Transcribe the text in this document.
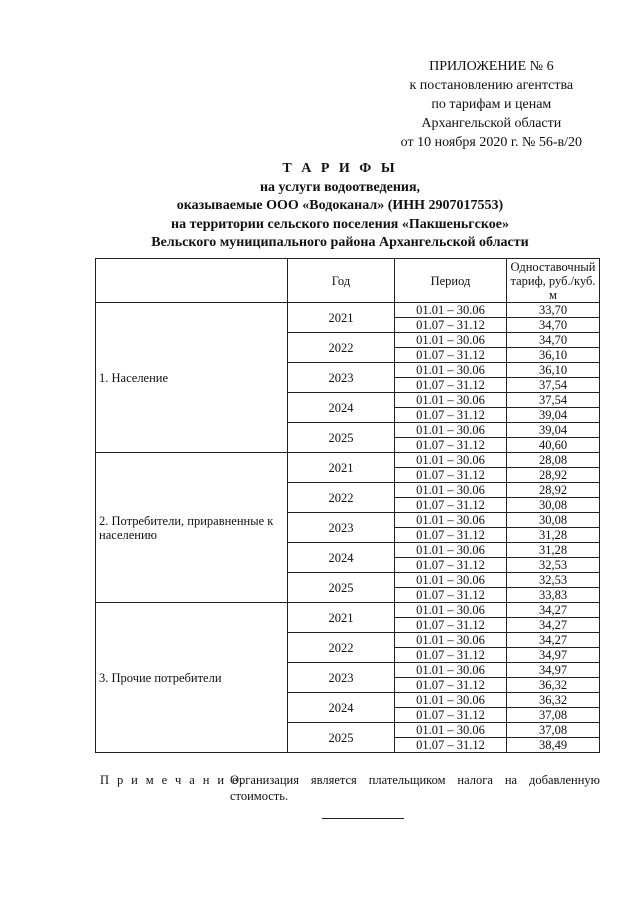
ПРИЛОЖЕНИЕ № 6
к постановлению агентства
по тарифам и ценам
Архангельской области
от 10 ноября 2020 г. № 56-в/20
Т А Р И Ф Ы
на услуги водоотведения,
оказываемые ООО «Водоканал» (ИНН 2907017553)
на территории сельского поселения «Пакшеньгское»
Вельского муниципального района Архангельской области
	Год	Период	Одноставочный тариф, руб./куб. м
1. Население	2021	01.01 – 30.06	33,70
		01.07 – 31.12	34,70
	2022	01.01 – 30.06	34,70
		01.07 – 31.12	36,10
	2023	01.01 – 30.06	36,10
		01.07 – 31.12	37,54
	2024	01.01 – 30.06	37,54
		01.07 – 31.12	39,04
	2025	01.01 – 30.06	39,04
		01.07 – 31.12	40,60
2. Потребители, приравненные к населению	2021	01.01 – 30.06	28,08
		01.07 – 31.12	28,92
	2022	01.01 – 30.06	28,92
		01.07 – 31.12	30,08
	2023	01.01 – 30.06	30,08
		01.07 – 31.12	31,28
	2024	01.01 – 30.06	31,28
		01.07 – 31.12	32,53
	2025	01.01 – 30.06	32,53
		01.07 – 31.12	33,83
3. Прочие потребители	2021	01.01 – 30.06	34,27
		01.07 – 31.12	34,27
	2022	01.01 – 30.06	34,27
		01.07 – 31.12	34,97
	2023	01.01 – 30.06	34,97
		01.07 – 31.12	36,32
	2024	01.01 – 30.06	36,32
		01.07 – 31.12	37,08
	2025	01.01 – 30.06	37,08
		01.07 – 31.12	38,49
П р и м е ч а н и е.
Организация является плательщиком налога на добавленную стоимость.
